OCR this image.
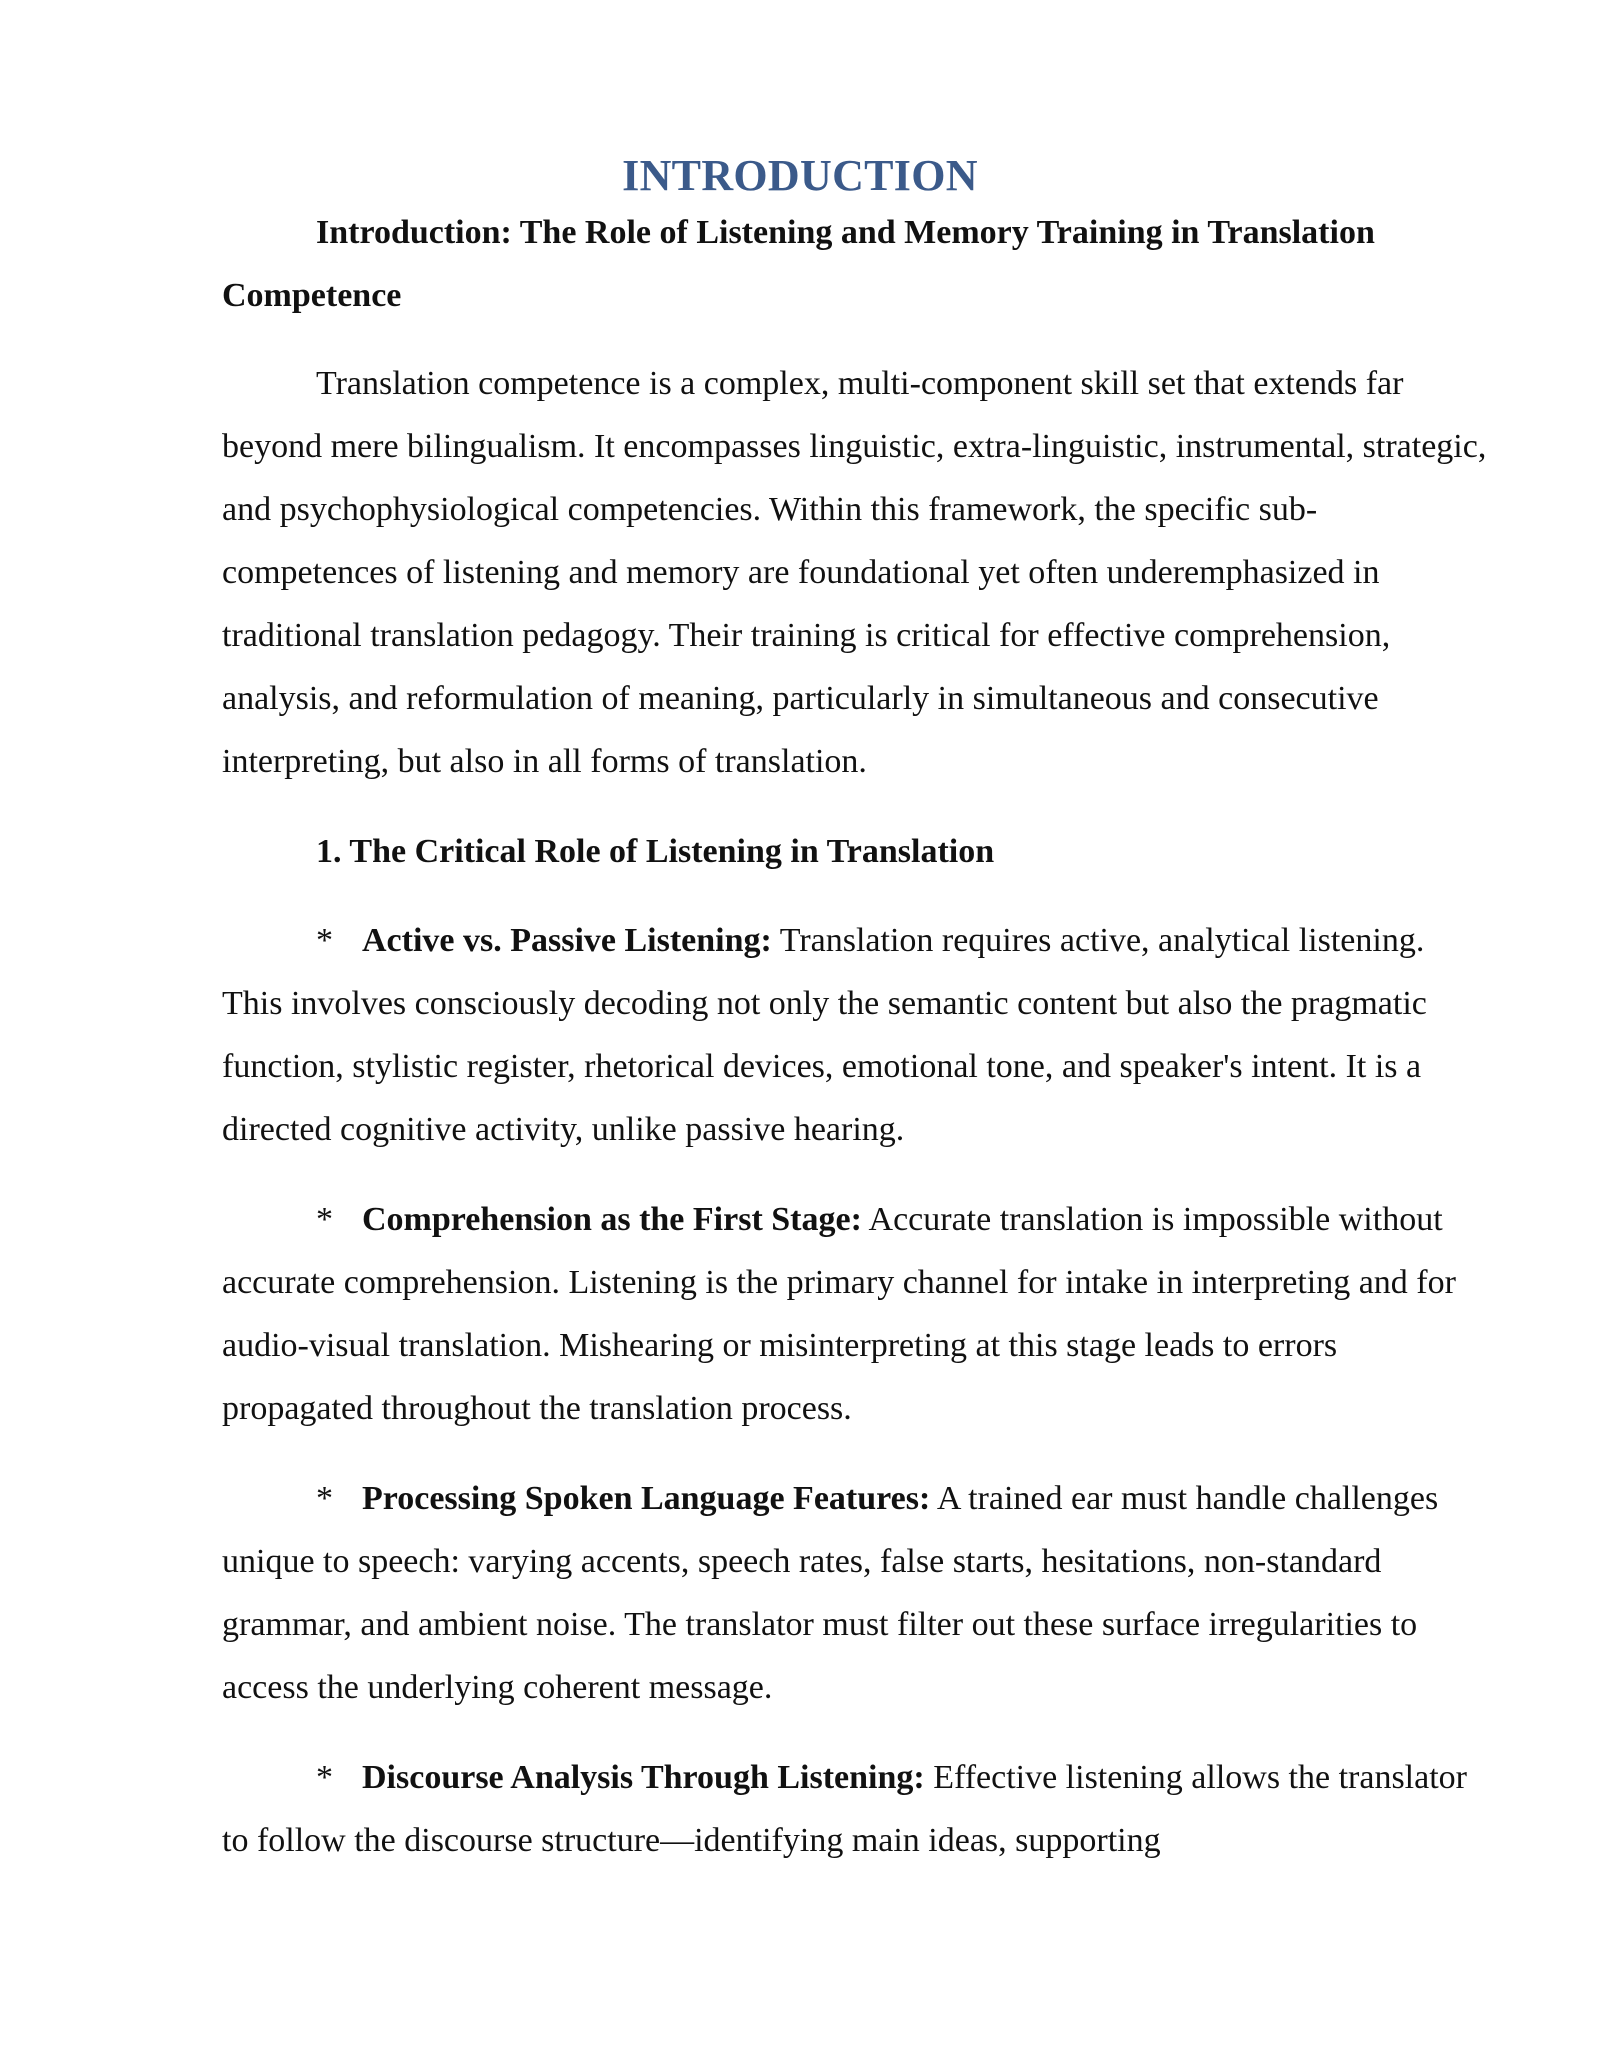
INTRODUCTION

Introduction: The Role of Listening and Memory Training in Translation Competence

Translation competence is a complex, multi-component skill set that extends far beyond mere bilingualism. It encompasses linguistic, extra-linguistic, instrumental, strategic, and psychophysiological competencies. Within this framework, the specific sub-competences of listening and memory are foundational yet often underemphasized in traditional translation pedagogy. Their training is critical for effective comprehension, analysis, and reformulation of meaning, particularly in simultaneous and consecutive interpreting, but also in all forms of translation.

1. The Critical Role of Listening in Translation

* Active vs. Passive Listening: Translation requires active, analytical listening. This involves consciously decoding not only the semantic content but also the pragmatic function, stylistic register, rhetorical devices, emotional tone, and speaker's intent. It is a directed cognitive activity, unlike passive hearing.

* Comprehension as the First Stage: Accurate translation is impossible without accurate comprehension. Listening is the primary channel for intake in interpreting and for audio-visual translation. Mishearing or misinterpreting at this stage leads to errors propagated throughout the translation process.

* Processing Spoken Language Features: A trained ear must handle challenges unique to speech: varying accents, speech rates, false starts, hesitations, non-standard grammar, and ambient noise. The translator must filter out these surface irregularities to access the underlying coherent message.

* Discourse Analysis Through Listening: Effective listening allows the translator to follow the discourse structure—identifying main ideas, supporting
